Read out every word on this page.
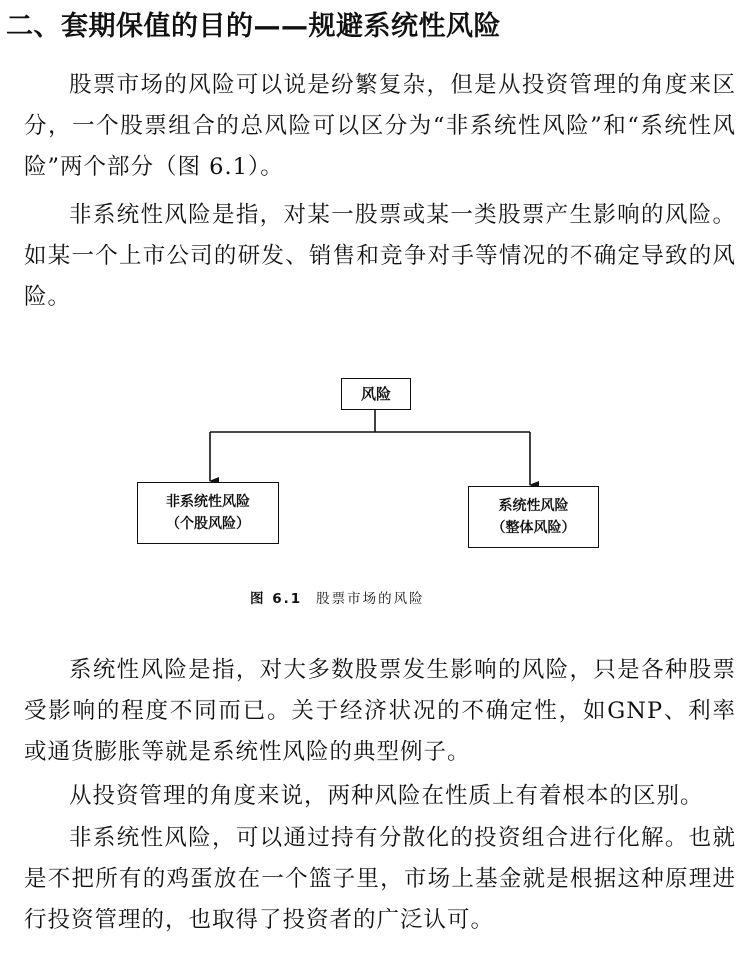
二、套期保值的目的——规避系统性风险

股票市场的风险可以说是纷繁复杂，但是从投资管理的角度来区分，一个股票组合的总风险可以区分为“非系统性风险”和“系统性风险”两个部分（图 6.1）。

非系统性风险是指，对某一股票或某一类股票产生影响的风险。如某一个上市公司的研发、销售和竞争对手等情况的不确定导致的风险。

风险
非系统性风险
（个股风险）
系统性风险
（整体风险）
图 6.1 股票市场的风险

系统性风险是指，对大多数股票发生影响的风险，只是各种股票受影响的程度不同而已。关于经济状况的不确定性，如GNP、利率或通货膨胀等就是系统性风险的典型例子。

从投资管理的角度来说，两种风险在性质上有着根本的区别。

非系统性风险，可以通过持有分散化的投资组合进行化解。也就是不把所有的鸡蛋放在一个篮子里，市场上基金就是根据这种原理进行投资管理的，也取得了投资者的广泛认可。
